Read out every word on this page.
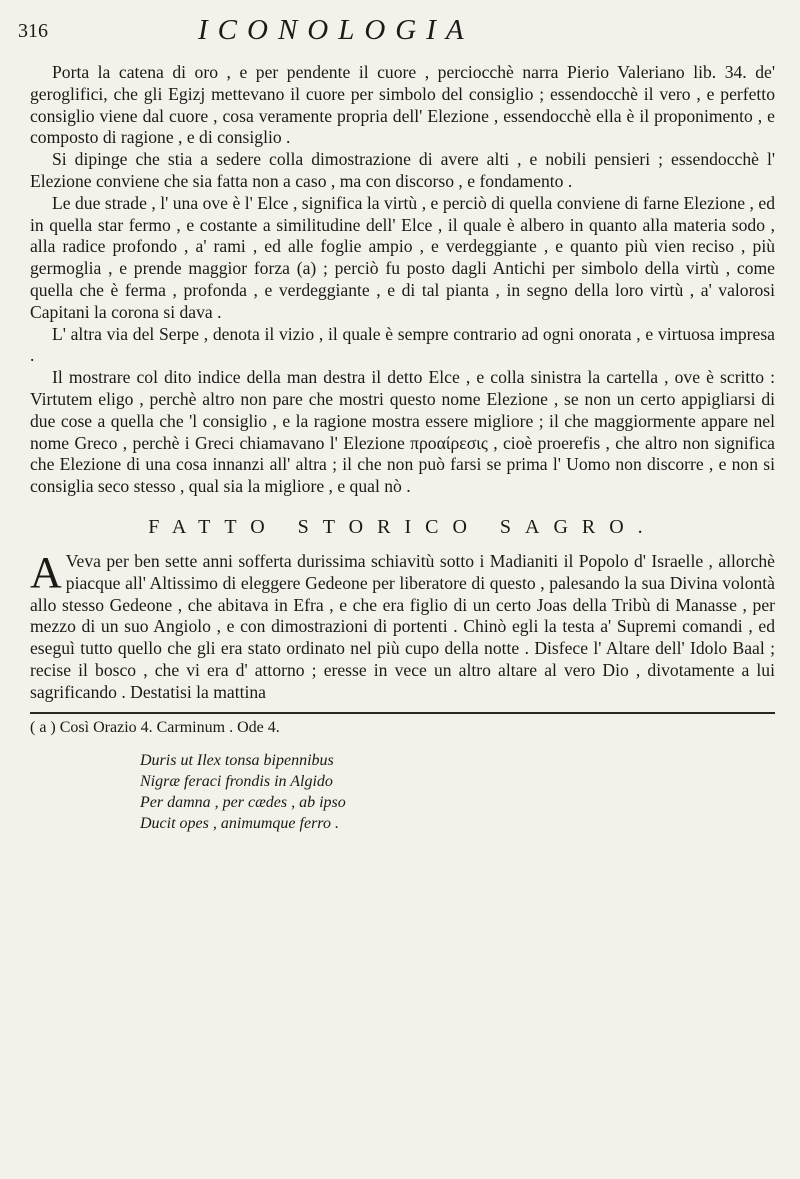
316	ICONOLOGIA

Porta la catena di oro , e per pendente il cuore , perciocchè narra Pierio Valeriano lib. 34. de' geroglifici, che gli Egizj mettevano il cuore per simbolo del consiglio ; essendocchè il vero , e perfetto consiglio viene dal cuore , cosa veramente propria dell' Elezione , essendocchè ella è il proponimento , e composto di ragione , e di consiglio .

Si dipinge che stia a sedere colla dimostrazione di avere alti , e nobili pensieri ; essendocchè l' Elezione conviene che sia fatta non a caso , ma con discorso , e fondamento .

Le due strade , l' una ove è l' Elce , significa la virtù , e perciò di quella conviene di farne Elezione , ed in quella star fermo , e costante a similitudine dell' Elce , il quale è albero in quanto alla materia sodo , alla radice profondo , a' rami , ed alle foglie ampio , e verdeggiante , e quanto più vien reciso , più germoglia , e prende maggior forza (a) ; perciò fu posto dagli Antichi per simbolo della virtù , come quella che è ferma , profonda , e verdeggiante , e di tal pianta , in segno della loro virtù , a' valorosi Capitani la corona si dava .

L' altra via del Serpe , denota il vizio , il quale è sempre contrario ad ogni onorata , e virtuosa impresa .

Il mostrare col dito indice della man destra il detto Elce , e colla sinistra la cartella , ove è scritto : Virtutem eligo , perchè altro non pare che mostri questo nome Elezione , se non un certo appigliarsi di due cose a quella che 'l consiglio , e la ragione mostra essere migliore ; il che maggiormente appare nel nome Greco , perchè i Greci chiamavano l' Elezione προαίρεσις , cioè proerefis , che altro non significa che Elezione di una cosa innanzi all' altra ; il che non può farsi se prima l' Uomo non discorre , e non si consiglia seco stesso , qual sia la migliore , e qual nò .

FATTO STORICO SAGRO.

A Veva per ben sette anni sofferta durissima schiavitù sotto i Madianiti il Popolo d' Israelle , allorchè piacque all' Altissimo di eleggere Gedeone per liberatore di questo , palesando la sua Divina volontà allo stesso Gedeone , che abitava in Efra , e che era figlio di un certo Joas della Tribù di Manasse , per mezzo di un suo Angiolo , e con dimostrazioni di portenti . Chinò egli la testa a' Supremi comandi , ed eseguì tutto quello che gli era stato ordinato nel più cupo della notte . Disfece l' Altare dell' Idolo Baal ; recise il bosco , che vi era d' attorno ; eresse in vece un altro altare al vero Dio , divotamente a lui sagrificando . Destatisi la mattina

( a ) Così Orazio 4. Carminum . Ode 4.

Duris ut Ilex tonsa bipennibus
Nigræ feraci frondis in Algido
Per damna , per cædes , ab ipso
Ducit opes , animumque ferro .
